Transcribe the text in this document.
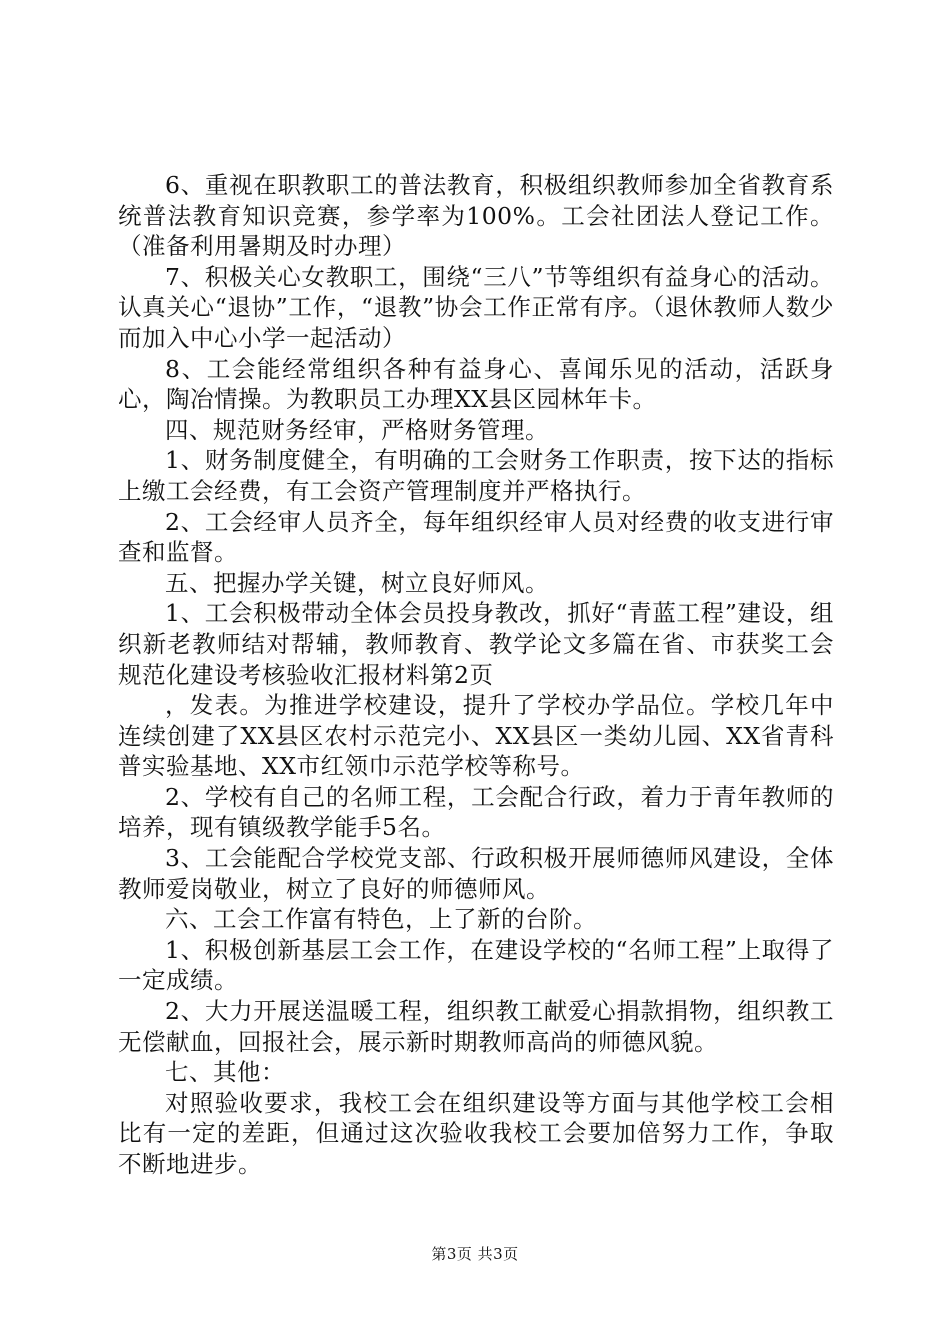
6、重视在职教职工的普法教育，积极组织教师参加全省教育系统普法教育知识竞赛，参学率为100%。工会社团法人登记工作。（准备利用暑期及时办理）

7、积极关心女教职工，围绕“三八”节等组织有益身心的活动。认真关心“退协”工作，“退教”协会工作正常有序。（退休教师人数少而加入中心小学一起活动）

8、工会能经常组织各种有益身心、喜闻乐见的活动，活跃身心，陶冶情操。为教职员工办理XX县区园林年卡。

四、规范财务经审，严格财务管理。

1、财务制度健全，有明确的工会财务工作职责，按下达的指标上缴工会经费，有工会资产管理制度并严格执行。

2、工会经审人员齐全，每年组织经审人员对经费的收支进行审查和监督。

五、把握办学关键，树立良好师风。

1、工会积极带动全体会员投身教改，抓好“青蓝工程”建设，组织新老教师结对帮辅，教师教育、教学论文多篇在省、市获奖工会规范化建设考核验收汇报材料第2页

，发表。为推进学校建设，提升了学校办学品位。学校几年中连续创建了XX县区农村示范完小、XX县区一类幼儿园、XX省青科普实验基地、XX市红领巾示范学校等称号。

2、学校有自己的名师工程，工会配合行政，着力于青年教师的培养，现有镇级教学能手5名。

3、工会能配合学校党支部、行政积极开展师德师风建设，全体教师爱岗敬业，树立了良好的师德师风。

六、工会工作富有特色，上了新的台阶。

1、积极创新基层工会工作，在建设学校的“名师工程”上取得了一定成绩。

2、大力开展送温暖工程，组织教工献爱心捐款捐物，组织教工无偿献血，回报社会，展示新时期教师高尚的师德风貌。

七、其他：

对照验收要求，我校工会在组织建设等方面与其他学校工会相比有一定的差距，但通过这次验收我校工会要加倍努力工作，争取不断地进步。

第3页 共3页
